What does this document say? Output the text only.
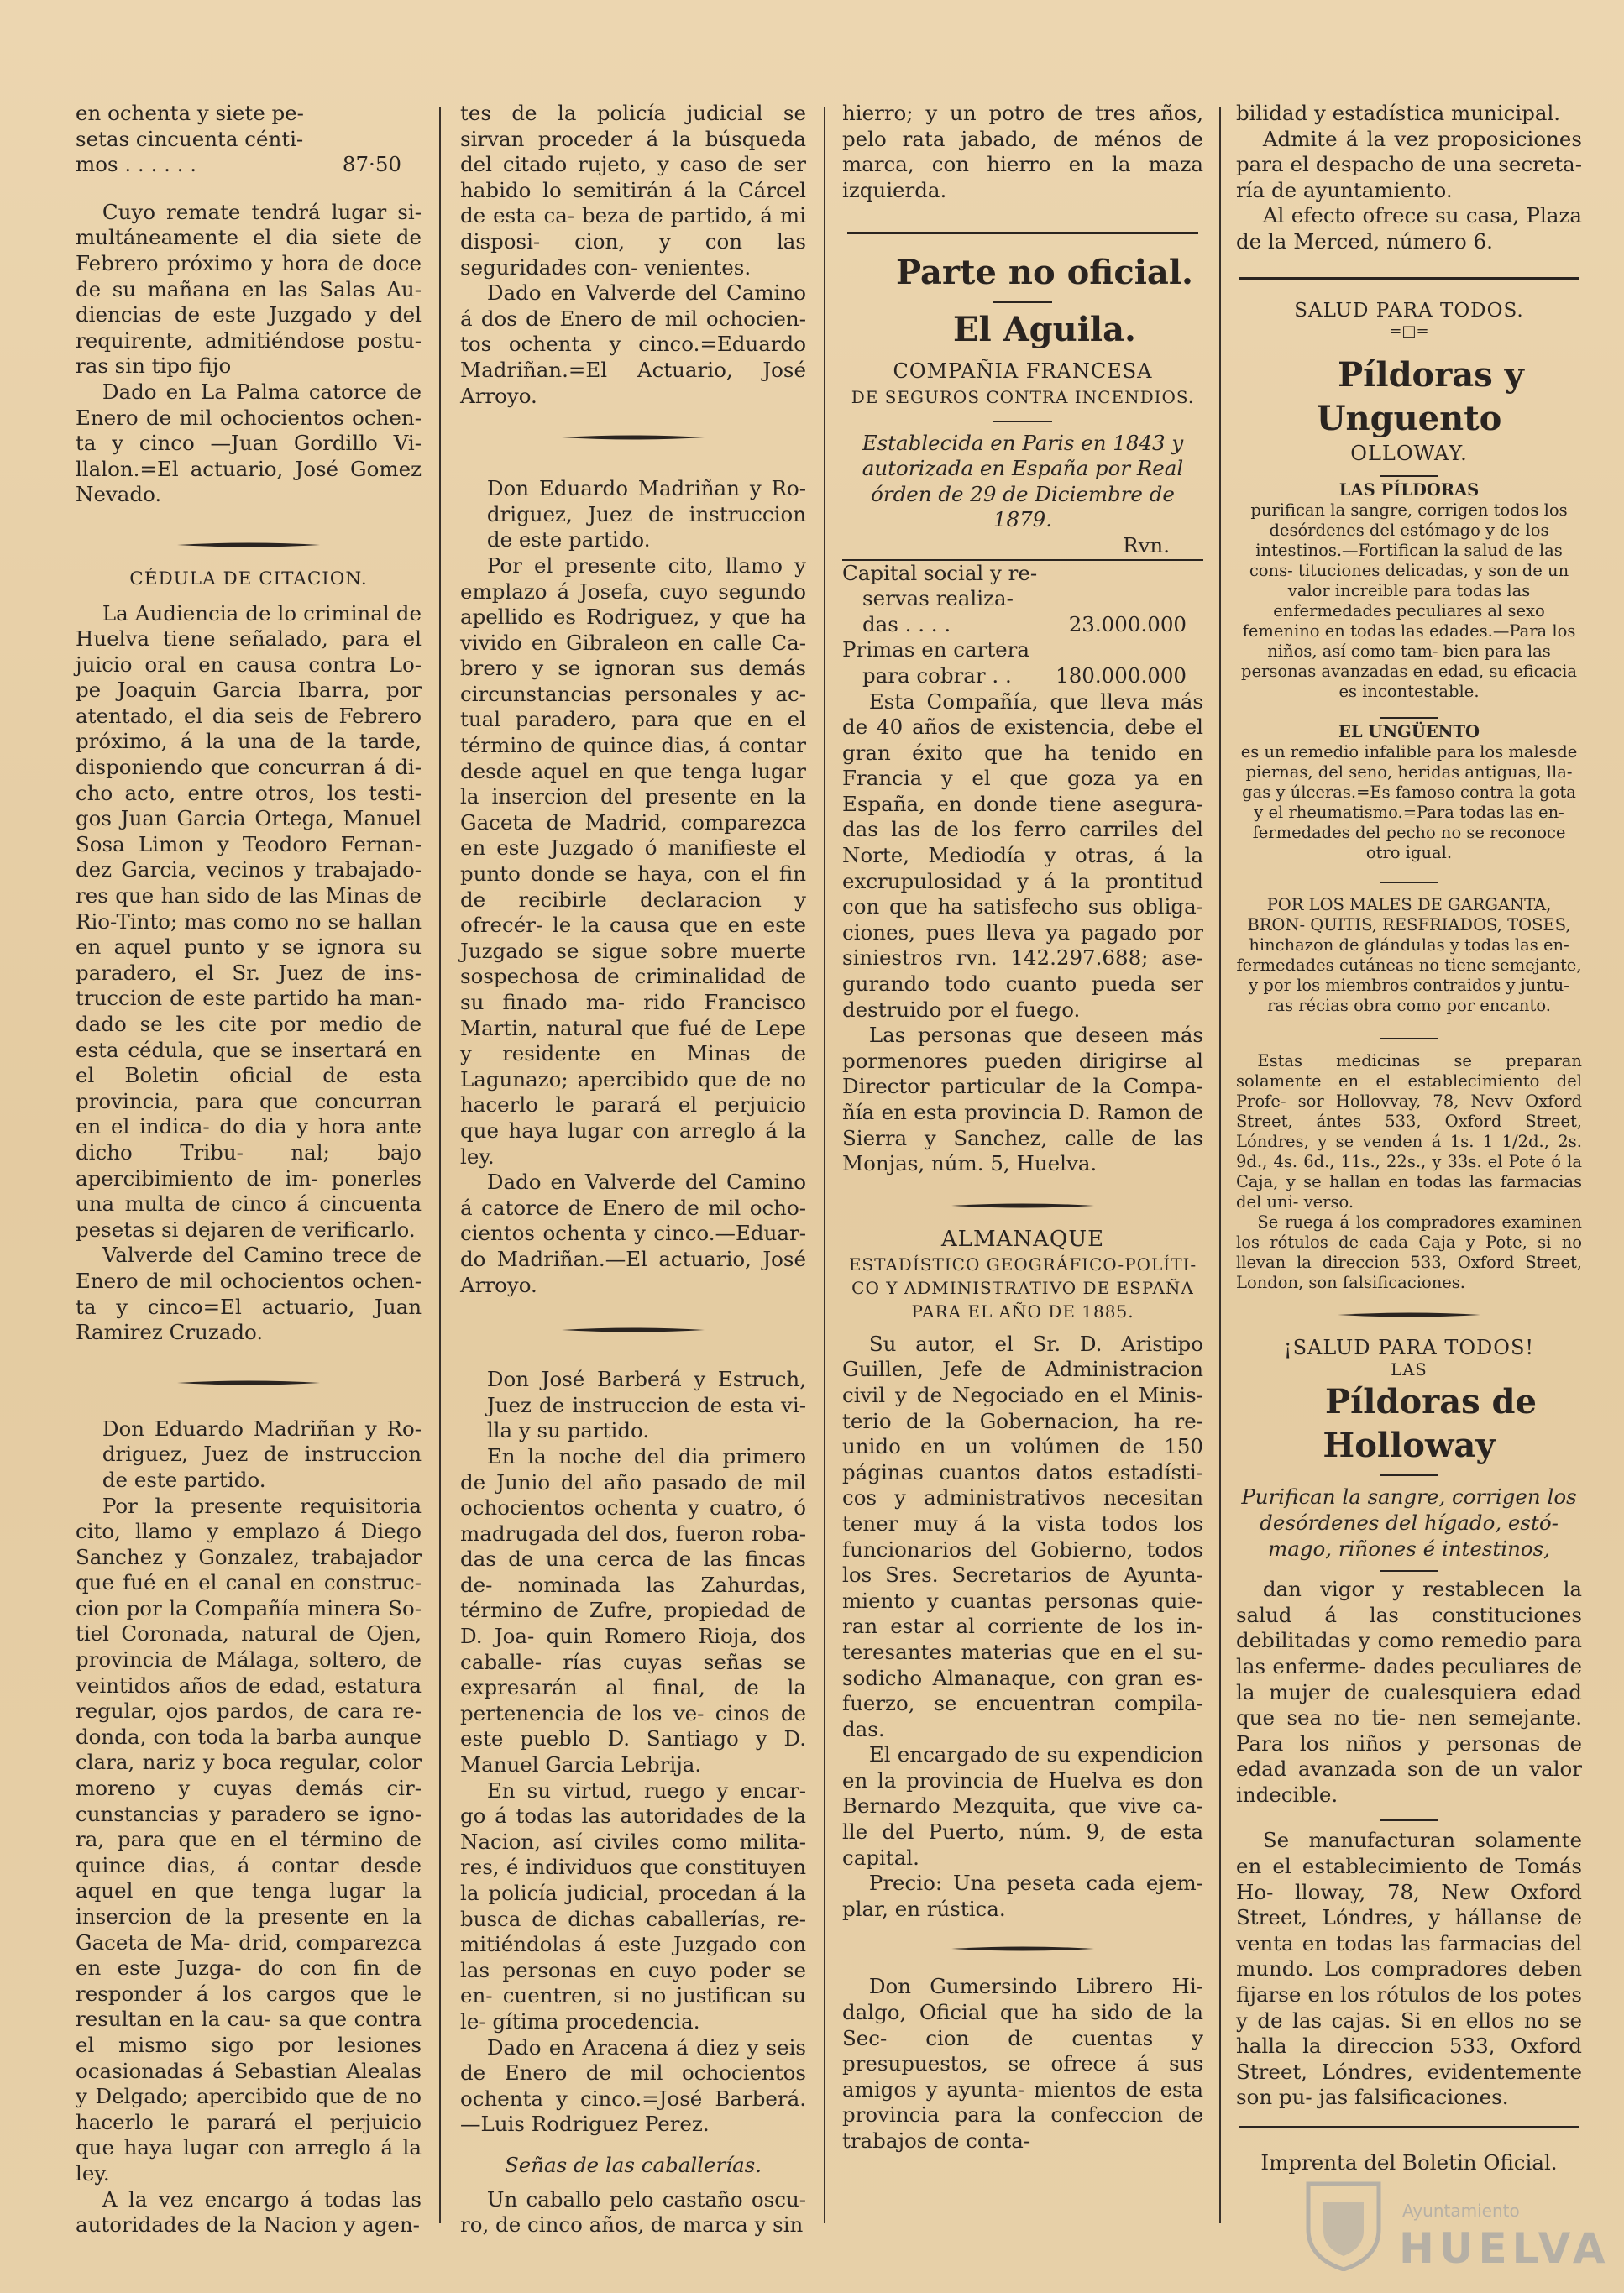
en ochenta y siete pe-

setas cincuenta cénti-

mos . . . . . .	87·50

Cuyo remate tendrá lugar si- multáneamente el dia siete de Febrero próximo y hora de doce de su mañana en las Salas Au- diencias de este Juzgado y del requirente, admitiéndose postu- ras sin tipo fijo

Dado en La Palma catorce de Enero de mil ochocientos ochen- ta y cinco —Juan Gordillo Vi- llalon.=El actuario, José Gomez Nevado.

CÉDULA DE CITACION.

La Audiencia de lo criminal de Huelva tiene señalado, para el juicio oral en causa contra Lo- pe Joaquin Garcia Ibarra, por atentado, el dia seis de Febrero próximo, á la una de la tarde, disponiendo que concurran á di- cho acto, entre otros, los testi- gos Juan Garcia Ortega, Manuel Sosa Limon y Teodoro Fernan- dez Garcia, vecinos y trabajado- res que han sido de las Minas de Rio-Tinto; mas como no se hallan en aquel punto y se ignora su paradero, el Sr. Juez de ins- truccion de este partido ha man- dado se les cite por medio de esta cédula, que se insertará en el Boletin oficial de esta provincia, para que concurran en el indica- do dia y hora ante dicho Tribu- nal; bajo apercibimiento de im- ponerles una multa de cinco á cincuenta pesetas si dejaren de verificarlo.

Valverde del Camino trece de Enero de mil ochocientos ochen- ta y cinco=El actuario, Juan Ramirez Cruzado.

Don Eduardo Madriñan y Ro- driguez, Juez de instruccion de este partido.

Por la presente requisitoria cito, llamo y emplazo á Diego Sanchez y Gonzalez, trabajador que fué en el canal en construc- cion por la Compañía minera So- tiel Coronada, natural de Ojen, provincia de Málaga, soltero, de veintidos años de edad, estatura regular, ojos pardos, de cara re- donda, con toda la barba aunque clara, nariz y boca regular, color moreno y cuyas demás cir- cunstancias y paradero se igno- ra, para que en el término de quince dias, á contar desde aquel en que tenga lugar la insercion de la presente en la Gaceta de Ma- drid, comparezca en este Juzga- do con fin de responder á los cargos que le resultan en la cau- sa que contra el mismo sigo por lesiones ocasionadas á Sebastian Alealas y Delgado; apercibido que de no hacerlo le parará el perjuicio que haya lugar con arreglo á la ley.

A la vez encargo á todas las autoridades de la Nacion y agen-

tes de la policía judicial se sirvan proceder á la búsqueda del citado rujeto, y caso de ser habido lo semitirán á la Cárcel de esta ca- beza de partido, á mi disposi- cion, y con las seguridades con- venientes.

Dado en Valverde del Camino á dos de Enero de mil ochocien- tos ochenta y cinco.=Eduardo Madriñan.=El Actuario, José Arroyo.

Don Eduardo Madriñan y Ro- driguez, Juez de instruccion de este partido.

Por el presente cito, llamo y emplazo á Josefa, cuyo segundo apellido es Rodriguez, y que ha vivido en Gibraleon en calle Ca- brero y se ignoran sus demás circunstancias personales y ac- tual paradero, para que en el término de quince dias, á contar desde aquel en que tenga lugar la insercion del presente en la Gaceta de Madrid, comparezca en este Juzgado ó manifieste el punto donde se haya, con el fin de recibirle declaracion y ofrecér- le la causa que en este Juzgado se sigue sobre muerte sospechosa de criminalidad de su finado ma- rido Francisco Martin, natural que fué de Lepe y residente en Minas de Lagunazo; apercibido que de no hacerlo le parará el perjuicio que haya lugar con arreglo á la ley.

Dado en Valverde del Camino á catorce de Enero de mil ocho- cientos ochenta y cinco.—Eduar- do Madriñan.—El actuario, José Arroyo.

Don José Barberá y Estruch, Juez de instruccion de esta vi- lla y su partido.

En la noche del dia primero de Junio del año pasado de mil ochocientos ochenta y cuatro, ó madrugada del dos, fueron roba- das de una cerca de las fincas de- nominada las Zahurdas, término de Zufre, propiedad de D. Joa- quin Romero Rioja, dos caballe- rías cuyas señas se expresarán al final, de la pertenencia de los ve- cinos de este pueblo D. Santiago y D. Manuel Garcia Lebrija.

En su virtud, ruego y encar- go á todas las autoridades de la Nacion, así civiles como milita- res, é individuos que constituyen la policía judicial, procedan á la busca de dichas caballerías, re- mitiéndolas á este Juzgado con las personas en cuyo poder se en- cuentren, si no justifican su le- gítima procedencia.

Dado en Aracena á diez y seis de Enero de mil ochocientos ochenta y cinco.=José Barberá. —Luis Rodriguez Perez.

Señas de las caballerías.

Un caballo pelo castaño oscu- ro, de cinco años, de marca y sin

hierro; y un potro de tres años, pelo rata jabado, de ménos de marca, con hierro en la maza izquierda.

Parte no oficial.

El Aguila.

COMPAÑIA FRANCESA

DE SEGUROS CONTRA INCENDIOS.

Establecida en Paris en 1843 y autorizada en España por Real órden de 29 de Diciembre de 1879.

Rvn.

Capital social y re-

servas realiza-

das . . . .	23.000.000

Primas en cartera

para cobrar . . 180.000.000

Esta Compañía, que lleva más de 40 años de existencia, debe el gran éxito que ha tenido en Francia y el que goza ya en España, en donde tiene asegura- das las de los ferro carriles del Norte, Mediodía y otras, á la excrupulosidad y á la prontitud con que ha satisfecho sus obliga- ciones, pues lleva ya pagado por siniestros rvn. 142.297.688; ase- gurando todo cuanto pueda ser destruido por el fuego.

Las personas que deseen más pormenores pueden dirigirse al Director particular de la Compa- ñía en esta provincia D. Ramon de Sierra y Sanchez, calle de las Monjas, núm. 5, Huelva.

ALMANAQUE

ESTADÍSTICO GEOGRÁFICO-POLÍTI- CO Y ADMINISTRATIVO DE ESPAÑA PARA EL AÑO DE 1885.

Su autor, el Sr. D. Aristipo Guillen, Jefe de Administracion civil y de Negociado en el Minis- terio de la Gobernacion, ha re- unido en un volúmen de 150 páginas cuantos datos estadísti- cos y administrativos necesitan tener muy á la vista todos los funcionarios del Gobierno, todos los Sres. Secretarios de Ayunta- miento y cuantas personas quie- ran estar al corriente de los in- teresantes materias que en el su- sodicho Almanaque, con gran es- fuerzo, se encuentran compila- das.

El encargado de su expendicion en la provincia de Huelva es don Bernardo Mezquita, que vive ca- lle del Puerto, núm. 9, de esta capital.

Precio: Una peseta cada ejem- plar, en rústica.

Don Gumersindo Librero Hi- dalgo, Oficial que ha sido de la Sec- cion de cuentas y presupuestos, se ofrece á sus amigos y ayunta- mientos de esta provincia para la confeccion de trabajos de conta-

bilidad y estadística municipal.

Admite á la vez proposiciones para el despacho de una secreta- ría de ayuntamiento.

Al efecto ofrece su casa, Plaza de la Merced, número 6.

SALUD PARA TODOS.

=□=

Píldoras y Unguento

OLLOWAY.

LAS PÍLDORAS

purifican la sangre, corrigen todos los desórdenes del estómago y de los intestinos.—Fortifican la salud de las cons- tituciones delicadas, y son de un valor increible para todas las enfermedades peculiares al sexo femenino en todas las edades.—Para los niños, así como tam- bien para las personas avanzadas en edad, su eficacia es incontestable.

EL UNGÜENTO

es un remedio infalible para los malesde piernas, del seno, heridas antiguas, lla- gas y úlceras.=Es famoso contra la gota y el rheumatismo.=Para todas las en- fermedades del pecho no se reconoce otro igual.

POR LOS MALES DE GARGANTA, BRON- QUITIS, RESFRIADOS, TOSES, hinchazon de glándulas y todas las en- fermedades cutáneas no tiene semejante, y por los miembros contraidos y juntu- ras récias obra como por encanto.

Estas medicinas se preparan solamente en el establecimiento del Profe- sor Hollovvay, 78, Nevv Oxford Street, ántes 533, Oxford Street, Lóndres, y se venden á 1s. 1 1/2d., 2s. 9d., 4s. 6d., 11s., 22s., y 33s. el Pote ó la Caja, y se hallan en todas las farmacias del uni- verso.

Se ruega á los compradores examinen los rótulos de cada Caja y Pote, si no llevan la direccion 533, Oxford Street, London, son falsificaciones.

¡SALUD PARA TODOS!

LAS

Píldoras de Holloway

Purifican la sangre, corrigen los desórdenes del hígado, estó- mago, riñones é intestinos,

dan vigor y restablecen la salud á las constituciones debilitadas y como remedio para las enferme- dades peculiares de la mujer de cualesquiera edad que sea no tie- nen semejante. Para los niños y personas de edad avanzada son de un valor indecible.

Se manufacturan solamente en el establecimiento de Tomás Ho- lloway, 78, New Oxford Street, Lóndres, y hállanse de venta en todas las farmacias del mundo. Los compradores deben fijarse en los rótulos de los potes y de las cajas. Si en ellos no se halla la direccion 533, Oxford Street, Lóndres, evidentemente son pu- jas falsificaciones.

Imprenta del Boletin Oficial.

Ayuntamiento
HUELVA
